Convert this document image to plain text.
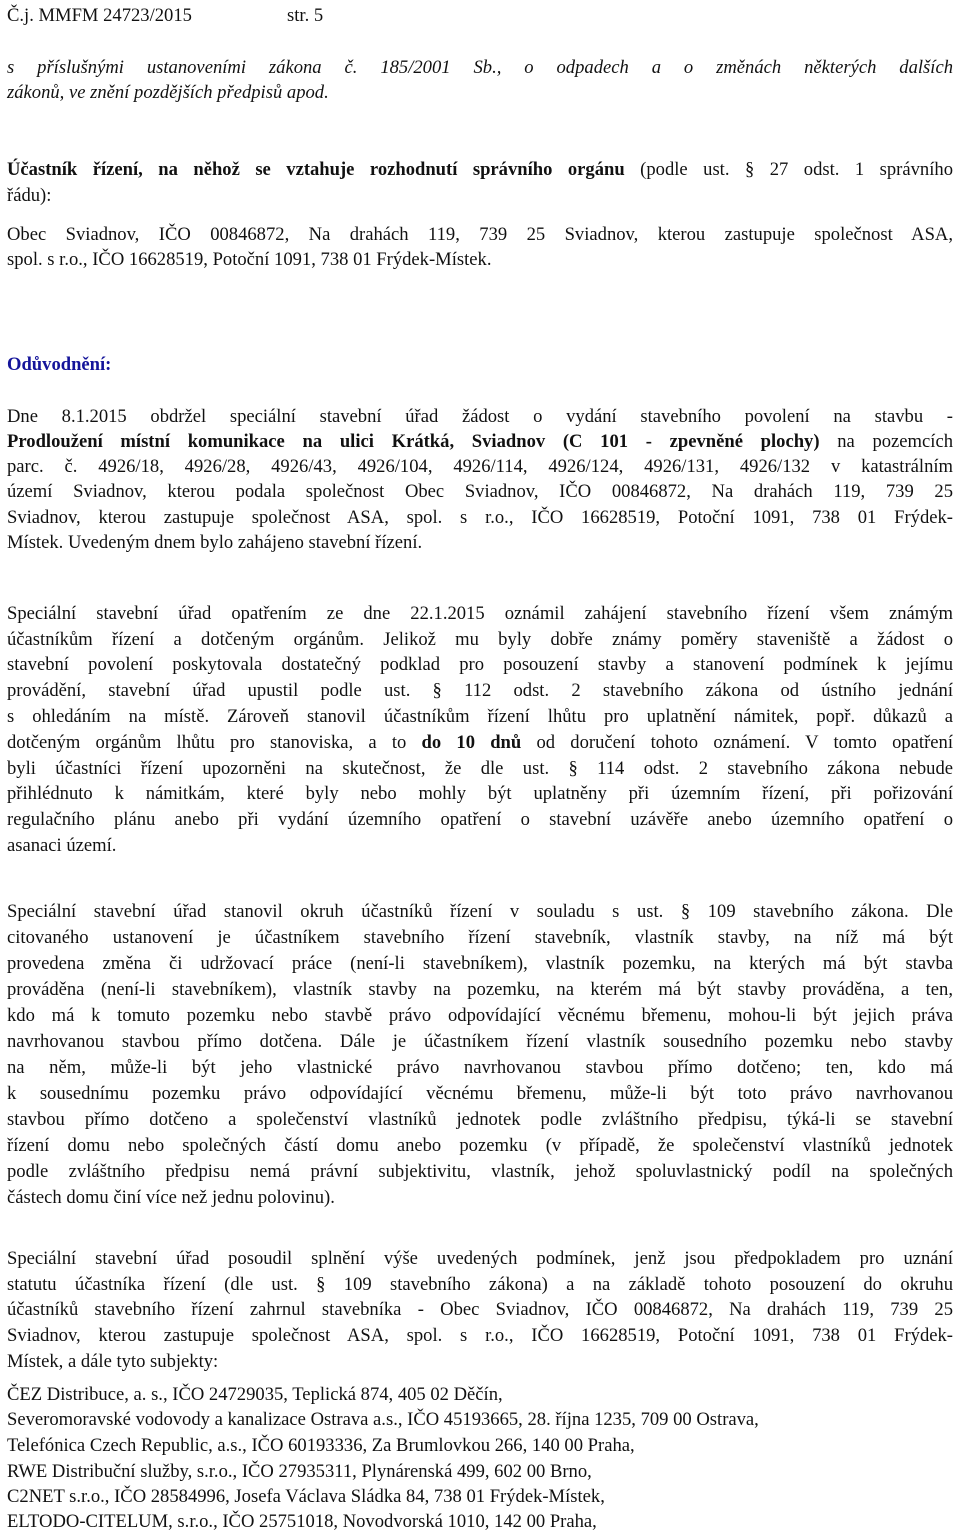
Č.j. MMFM 24723/2015	str. 5
s příslušnými ustanoveními zákona č. 185/2001 Sb., o odpadech a o změnách některých dalších
zákonů, ve znění pozdějších předpisů apod.
Účastník řízení, na něhož se vztahuje rozhodnutí správního orgánu (podle ust. § 27 odst. 1 správního
řádu):
Obec Sviadnov, IČO 00846872, Na drahách 119, 739 25 Sviadnov, kterou zastupuje společnost ASA,
spol. s r.o., IČO 16628519, Potoční 1091, 738 01 Frýdek-Místek.
Odůvodnění:
Dne 8.1.2015 obdržel speciální stavební úřad žádost o vydání stavebního povolení na stavbu -
Prodloužení místní komunikace na ulici Krátká, Sviadnov (C 101 - zpevněné plochy) na pozemcích
parc. č. 4926/18, 4926/28, 4926/43, 4926/104, 4926/114, 4926/124, 4926/131, 4926/132 v katastrálním
území Sviadnov, kterou podala společnost Obec Sviadnov, IČO 00846872, Na drahách 119, 739 25
Sviadnov, kterou zastupuje společnost ASA, spol. s r.o., IČO 16628519, Potoční 1091, 738 01 Frýdek-
Místek. Uvedeným dnem bylo zahájeno stavební řízení.
Speciální stavební úřad opatřením ze dne 22.1.2015 oznámil zahájení stavebního řízení všem známým
účastníkům řízení a dotčeným orgánům. Jelikož mu byly dobře známy poměry staveniště a žádost o
stavební povolení poskytovala dostatečný podklad pro posouzení stavby a stanovení podmínek k jejímu
provádění, stavební úřad upustil podle ust. § 112 odst. 2 stavebního zákona od ústního jednání
s ohledáním na místě. Zároveň stanovil účastníkům řízení lhůtu pro uplatnění námitek, popř. důkazů a
dotčeným orgánům lhůtu pro stanoviska, a to do 10 dnů od doručení tohoto oznámení. V tomto opatření
byli účastníci řízení upozorněni na skutečnost, že dle ust. § 114 odst. 2 stavebního zákona nebude
přihlédnuto k námitkám, které byly nebo mohly být uplatněny při územním řízení, při pořizování
regulačního plánu anebo při vydání územního opatření o stavební uzávěře anebo územního opatření o
asanaci území.
Speciální stavební úřad stanovil okruh účastníků řízení v souladu s ust. § 109 stavebního zákona. Dle
citovaného ustanovení je účastníkem stavebního řízení stavebník, vlastník stavby, na níž má být
provedena změna či udržovací práce (není-li stavebníkem), vlastník pozemku, na kterých má být stavba
prováděna (není-li stavebníkem), vlastník stavby na pozemku, na kterém má být stavby prováděna, a ten,
kdo má k tomuto pozemku nebo stavbě právo odpovídající věcnému břemenu, mohou-li být jejich práva
navrhovanou stavbou přímo dotčena. Dále je účastníkem řízení vlastník sousedního pozemku nebo stavby
na něm, může-li být jeho vlastnické právo navrhovanou stavbou přímo dotčeno; ten, kdo má
k sousednímu pozemku právo odpovídající věcnému břemenu, může-li být toto právo navrhovanou
stavbou přímo dotčeno a společenství vlastníků jednotek podle zvláštního předpisu, týká-li se stavební
řízení domu nebo společných částí domu anebo pozemku (v případě, že společenství vlastníků jednotek
podle zvláštního předpisu nemá právní subjektivitu, vlastník, jehož spoluvlastnický podíl na společných
částech domu činí více než jednu polovinu).
Speciální stavební úřad posoudil splnění výše uvedených podmínek, jenž jsou předpokladem pro uznání
statutu účastníka řízení (dle ust. § 109 stavebního zákona) a na základě tohoto posouzení do okruhu
účastníků stavebního řízení zahrnul stavebníka - Obec Sviadnov, IČO 00846872, Na drahách 119, 739 25
Sviadnov, kterou zastupuje společnost ASA, spol. s r.o., IČO 16628519, Potoční 1091, 738 01 Frýdek-
Místek, a dále tyto subjekty:
ČEZ Distribuce, a. s., IČO 24729035, Teplická 874, 405 02 Děčín,
Severomoravské vodovody a kanalizace Ostrava a.s., IČO 45193665, 28. října 1235, 709 00 Ostrava,
Telefónica Czech Republic, a.s., IČO 60193336, Za Brumlovkou 266, 140 00 Praha,
RWE Distribuční služby, s.r.o., IČO 27935311, Plynárenská 499, 602 00 Brno,
C2NET s.r.o., IČO 28584996, Josefa Václava Sládka 84, 738 01 Frýdek-Místek,
ELTODO-CITELUM, s.r.o., IČO 25751018, Novodvorská 1010, 142 00 Praha,
